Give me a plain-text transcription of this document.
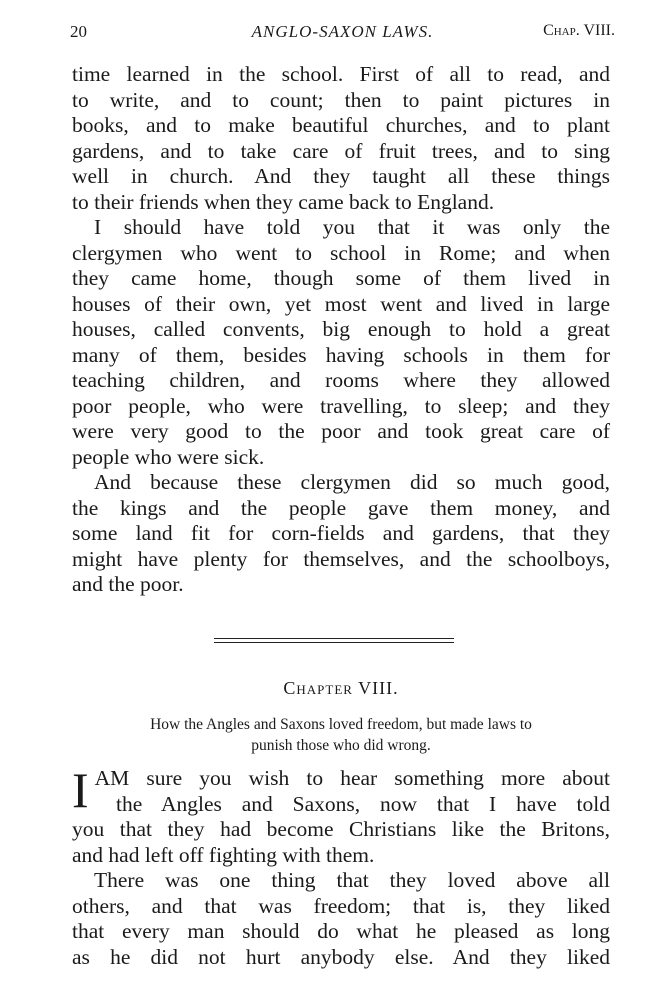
20	ANGLO-SAXON LAWS.	Chap. VIII.

time learned in the school. First of all to read, and
to write, and to count; then to paint pictures in
books, and to make beautiful churches, and to plant
gardens, and to take care of fruit trees, and to sing
well in church. And they taught all these things
to their friends when they came back to England.

I should have told you that it was only the
clergymen who went to school in Rome; and when
they came home, though some of them lived in
houses of their own, yet most went and lived in large
houses, called convents, big enough to hold a great
many of them, besides having schools in them for
teaching children, and rooms where they allowed
poor people, who were travelling, to sleep; and they
were very good to the poor and took great care of
people who were sick.

And because these clergymen did so much good,
the kings and the people gave them money, and
some land fit for corn-fields and gardens, that they
might have plenty for themselves, and the schoolboys,
and the poor.

Chapter VIII.
How the Angles and Saxons loved freedom, but made laws to
punish those who did wrong.

I AM sure you wish to hear something more about
the Angles and Saxons, now that I have told
you that they had become Christians like the Britons,
and had left off fighting with them.

There was one thing that they loved above all
others, and that was freedom; that is, they liked
that every man should do what he pleased as long
as he did not hurt anybody else. And they liked
